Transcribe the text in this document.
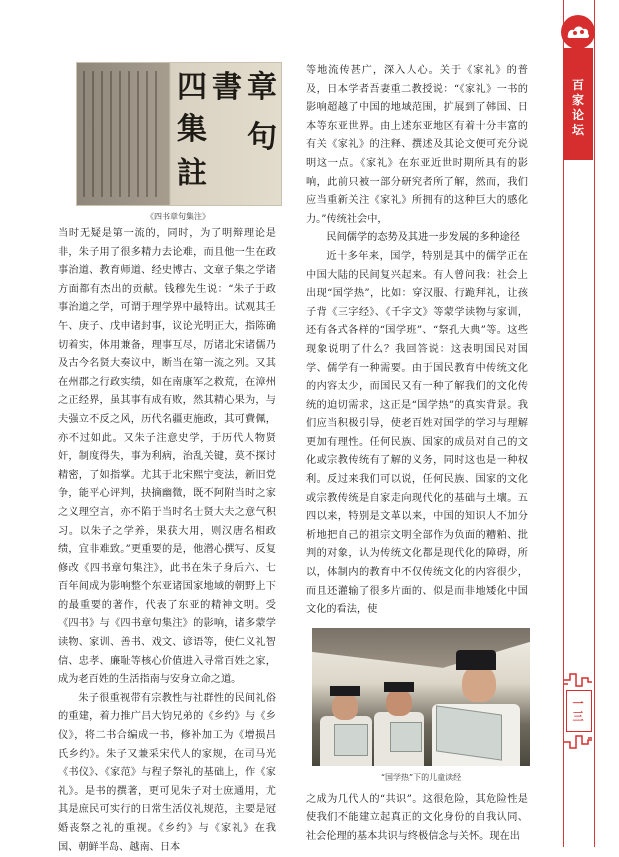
四 書 章
句
集
註
《四书章句集注》

当时无疑是第一流的，同时，为了明辩理论是非，朱子用了很多精力去论难，而且他一生在政事治道、教育师道、经史博古、文章子集之学诸方面都有杰出的贡献。钱穆先生说：“朱子于政事治道之学，可谓于理学界中最特出。试观其壬午、庚子、戊申诸封事，议论光明正大，指陈确切着实，体用兼备，理事互尽，厉诸北宋诸儒乃及古今名贤大奏议中，断当在第一流之列。又其在州郡之行政实绩，如在南康军之救荒，在漳州之正经界，虽其事有成有败，然其精心果为，与夫强立不反之风，历代名疆吏施政，其可費佩，亦不过如此。又朱子注意史学，于历代人物贤奸，制度得失，事为利病，治乱关键，莫不探讨精密，了如指掌。尤其于北宋熙宁变法，新旧党争，能平心评判，抉摘幽微，既不阿附当时之家之义理空言，亦不陷于当时名士贤大夫之意气积习。以朱子之学养，果获大用，则汉唐名相政绩，宜非难致。”更重要的是，他潜心撰写、反复修改《四书章句集注》，此书在朱子身后六、七百年间成为影响整个东亚诸国家地域的朝野上下的最重要的著作，代表了东亚的精神文明。受《四书》与《四书章句集注》的影响，诸多蒙学读物、家训、善书、戏文、谚语等，使仁义礼智信、忠孝、廉耻等核心价值进入寻常百姓之家，成为老百姓的生活指南与安身立命之道。

朱子很重视带有宗教性与社群性的民间礼俗的重建，着力推广吕大钧兄弟的《乡约》与《乡仪》，将二书合编成一书，修补加工为《增损吕氏乡约》。朱子又兼采宋代人的家规，在司马光《书仪》、《家范》与程子祭礼的基础上，作《家礼》。是书的撰著，更可见朱子对士庶通用，尤其是庶民可实行的日常生活仪礼规范，主要是冠婚丧祭之礼的重视。《乡约》与《家礼》在我国、朝鲜半岛、越南、日本

等地流传甚广，深入人心。关于《家礼》的普及，日本学者吾妻重二教授说：“《家礼》一书的影响超越了中国的地域范围，扩展到了韩国、日本等东亚世界。由上述东亚地区有着十分丰富的有关《家礼》的注释、撰述及其论文便可充分说明这一点。《家礼》在东亚近世时期所具有的影响，此前只被一部分研究者所了解，然而，我们应当重新关注《家礼》所拥有的这种巨大的感化力。”传统社会中，

民间儒学的态势及其进一步发展的多种途径

近十多年来，国学，特别是其中的儒学正在中国大陆的民间复兴起来。有人曾问我：社会上出现“国学热”，比如：穿汉服、行跪拜礼，让孩子背《三字经》、《千字文》等蒙学读物与家训，还有各式各样的“国学班”、“祭孔大典”等。这些现象说明了什么？我回答说：这表明国民对国学、儒学有一种需要。由于国民教育中传统文化的内容太少，而国民又有一种了解我们的文化传统的迫切需求，这正是“国学热”的真实背景。我们应当积极引导，使老百姓对国学的学习与理解更加有理性。任何民族、国家的成员对自己的文化或宗教传统有了解的义务，同时这也是一种权利。反过来我们可以说，任何民族、国家的文化或宗教传统是自家走向现代化的基础与土壤。五四以来，特别是文革以来，中国的知识人不加分析地把自己的祖宗文明全部作为负面的糟粕、批判的对象，认为传统文化都是现代化的障碍，所以，体制内的教育中不仅传统文化的内容很少，而且还灌输了很多片面的、似是而非地矮化中国文化的看法，使

“国学热”下的儿童读经

之成为几代人的“共识”。这很危险，其危险性是使我们不能建立起真正的文化身份的自我认同、社会伦理的基本共识与终极信念与关怀。现在出

百
家
论
坛
一
三
